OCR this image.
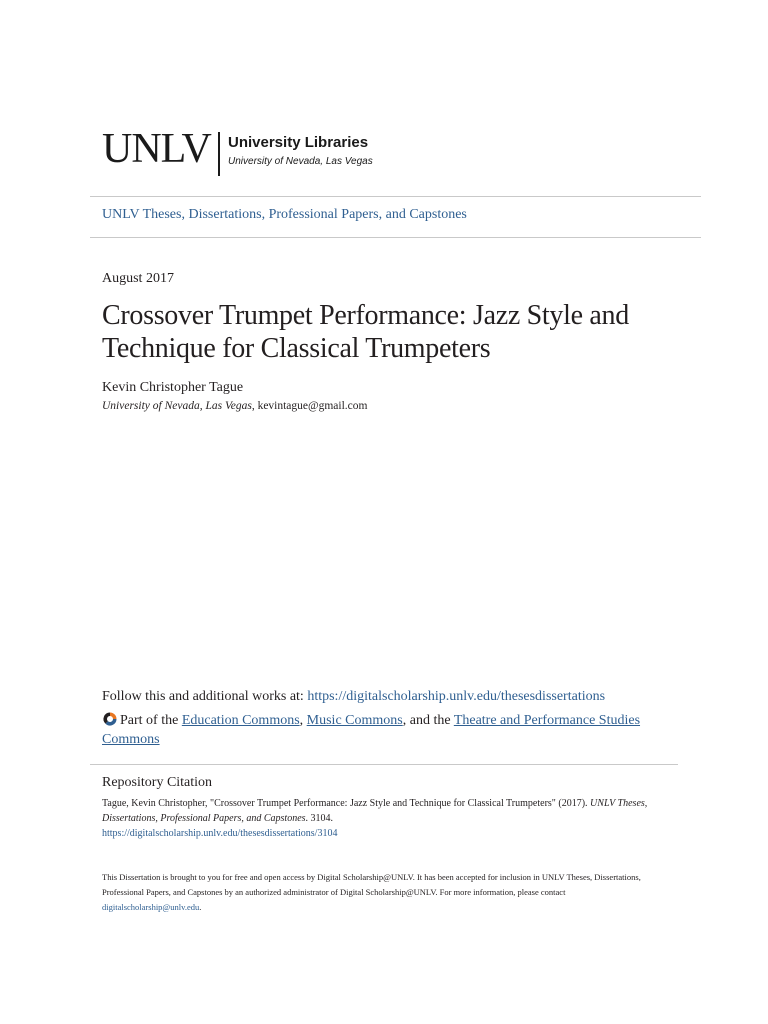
UNLV University Libraries
University of Nevada, Las Vegas
UNLV Theses, Dissertations, Professional Papers, and Capstones
August 2017
Crossover Trumpet Performance: Jazz Style and Technique for Classical Trumpeters
Kevin Christopher Tague
University of Nevada, Las Vegas, kevintague@gmail.com
Follow this and additional works at: https://digitalscholarship.unlv.edu/thesesdissertations
Part of the Education Commons, Music Commons, and the Theatre and Performance Studies Commons
Repository Citation
Tague, Kevin Christopher, "Crossover Trumpet Performance: Jazz Style and Technique for Classical Trumpeters" (2017). UNLV Theses, Dissertations, Professional Papers, and Capstones. 3104.
https://digitalscholarship.unlv.edu/thesesdissertations/3104
This Dissertation is brought to you for free and open access by Digital Scholarship@UNLV. It has been accepted for inclusion in UNLV Theses, Dissertations, Professional Papers, and Capstones by an authorized administrator of Digital Scholarship@UNLV. For more information, please contact
digitalscholarship@unlv.edu.
